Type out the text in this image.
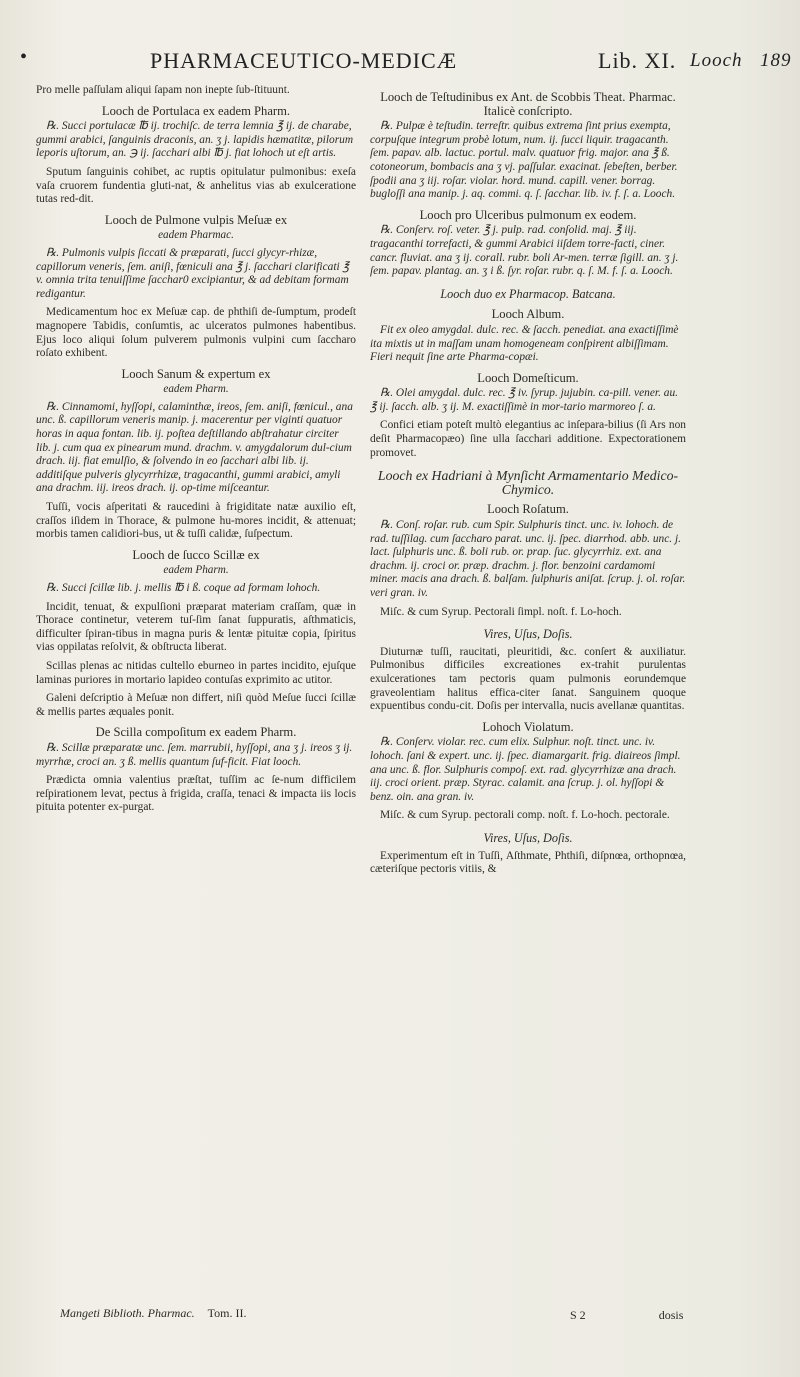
•	PHARMACEUTICO-MEDICÆ	Lib. XI. Looch 189
Pro melle paſſulam aliqui ſapam non inepte ſub-ſtituunt.
Looch de Portulaca ex eadem Pharm.
℞. Succi portulacæ ℔ ij. trochiſc. de terra lemnia ℥ ij. de charabe, gummi arabici, ſanguinis draconis, an. ʒ j. lapidis hæmatitæ, pilorum leporis uſtorum, an. ℈ ij. ſacchari albi ℔ j. fiat lohoch ut eſt artis.
Sputum ſanguinis cohibet, ac ruptis opitulatur pulmonibus: exeſa vaſa cruorem fundentia gluti-nat, & anhelitus vias ab exulceratione tutas red-dit.
Looch de Pulmone vulpis Meſuæ ex
eadem Pharmac.
℞. Pulmonis vulpis ſiccati & præparati, ſucci glycyr-rhizæ, capillorum veneris, ſem. aniſi, fœniculi ana ℥ j. ſacchari clarificati ℥ v. omnia trita tenuiſſime ſacchar0 excipiantur, & ad debitam formam redigantur.
Medicamentum hoc ex Meſuæ cap. de phthiſi de-ſumptum, prodeſt magnopere Tabidis, conſumtis, ac ulceratos pulmones habentibus. Ejus loco aliqui ſolum pulverem pulmonis vulpini cum ſaccharo roſato exhibent.
Looch Sanum & expertum ex
eadem Pharm.
℞. Cinnamomi, hyſſopi, calaminthæ, ireos, ſem. aniſi, fœnicul., ana unc. ß. capillorum veneris manip. j. macerentur per viginti quatuor horas in aqua fontan. lib. ij. poſtea deſtillando abſtrahatur circiter lib. j. cum qua ex pinearum mund. drachm. v. amygdalorum dul-cium drach. iij. fiat emulſio, & ſolvendo in eo ſacchari albi lib. ij. additiſque pulveris glycyrrhizæ, tragacanthi, gummi arabici, amyli ana drachm. iij. ireos drach. ij. op-time miſceantur.
Tuſſi, vocis aſperitati & raucedini à frigiditate natæ auxilio eſt, craſſos iſidem in Thorace, & pulmone hu-mores incidit, & attenuat; morbis tamen calidiori-bus, ut & tuſſi calidæ, ſuſpectum.
Looch de ſucco Scillæ ex
eadem Pharm.
℞. Succi ſcillæ lib. j. mellis ℔ i ß. coque ad formam lohoch.
Incidit, tenuat, & expulſioni præparat materiam craſſam, quæ in Thorace continetur, veterem tuſ-ſim ſanat ſuppuratis, aſthmaticis, difficulter ſpiran-tibus in magna puris & lentæ pituitæ copia, ſpiritus vias oppilatas reſolvit, & obſtructa liberat.
Scillas plenas ac nitidas cultello eburneo in partes incidito, ejuſque laminas puriores in mortario lapideo contuſas exprimito ac utitor.
Galeni deſcriptio à Meſuæ non differt, niſi quòd Meſue ſucci ſcillæ & mellis partes æquales ponit.
De Scilla compoſitum ex eadem Pharm.
℞. Scillæ præparatæ unc. ſem. marrubii, hyſſopi, ana ʒ j. ireos ʒ ij. myrrhæ, croci an. ʒ ß. mellis quantum ſuf-ficit. Fiat looch.
Prædicta omnia valentius præſtat, tuſſim ac ſe-num difficilem reſpirationem levat, pectus à frigida, craſſa, tenaci & impacta iis locis pituita potenter ex-purgat.
Looch de Teſtudinibus ex Ant. de Scobbis Theat. Pharmac. Italicè conſcripto.
℞. Pulpæ è teſtudin. terreſtr. quibus extrema ſint prius exempta, corpuſque integrum probè lotum, num. ij. ſucci liquir. tragacanth. ſem. papav. alb. lactuc. portul. malv. quatuor frig. major. ana ℥ ß. cotoneorum, bombacis ana ʒ vj. paſſular. exacinat. ſebeſten, berber. ſpodii ana ʒ iij. roſar. violar. hord. mund. capill. vener. borrag. bugloſſi ana manip. j. aq. commi. q. ſ. ſacchar. lib. iv. f. ſ. a. Looch.
Looch pro Ulceribus pulmonum ex eodem.
℞. Conſerv. roſ. veter. ℥ j. pulp. rad. conſolid. maj. ℥ iij. tragacanthi torrefacti, & gummi Arabici iiſdem torre-facti, ciner. cancr. fluviat. ana ʒ ij. corall. rubr. boli Ar-men. terræ ſigill. an. ʒ j. ſem. papav. plantag. an. ʒ i ß. ſyr. roſar. rubr. q. ſ. M. f. ſ. a. Looch.
Looch duo ex Pharmacop. Batcana.
Looch Album.
Fit ex oleo amygdal. dulc. rec. & ſacch. penediat. ana exactiſſimè ita mixtis ut in maſſam unam homogeneam conſpirent albiſſimam. Fieri nequit ſine arte Pharma-copæi.
Looch Domeſticum.
℞. Olei amygdal. dulc. rec. ℥ iv. ſyrup. jujubin. ca-pill. vener. au. ℥ ij. ſacch. alb. ʒ ij. M. exactiſſimè in mor-tario marmoreo ſ. a.
Confici etiam poteſt multò elegantius ac inſepara-bilius (ſi Ars non deſit Pharmacopæo) ſine ulla ſacchari additione. Expectorationem promovet.
Looch ex Hadriani à Mynſicht Armamentario Medico-Chymico.
Looch Roſatum.
℞. Conſ. roſar. rub. cum Spir. Sulphuris tinct. unc. iv. lohoch. de rad. tuſſilag. cum ſaccharo parat. unc. ij. ſpec. diarrhod. abb. unc. j. lact. ſulphuris unc. ß. boli rub. or. prap. ſuc. glycyrrhiz. ext. ana drachm. ij. croci or. præp. drachm. j. flor. benzoini cardamomi miner. macis ana drach. ß. balſam. ſulphuris aniſat. ſcrup. j. ol. roſar. veri gran. iv.
Miſc. & cum Syrup. Pectorali ſimpl. noſt. f. Lo-hoch.
Vires, Uſus, Doſis.
Diuturnæ tuſſi, raucitati, pleuritidi, &c. conſert & auxiliatur. Pulmonibus difficiles excreationes ex-trahit purulentas exulcerationes tam pectoris quam pulmonis eorundemque graveolentiam halitus effica-citer ſanat. Sanguinem quoque expuentibus condu-cit. Doſis per intervalla, nucis avellanæ quantitas.
Lohoch Violatum.
℞. Conſerv. violar. rec. cum elix. Sulphur. noſt. tinct. unc. iv. lohoch. ſani & expert. unc. ij. ſpec. diamargarit. frig. diaireos ſimpl. ana unc. ß. flor. Sulphuris compoſ. ext. rad. glycyrrhizæ ana drach. iij. croci orient. præp. Styrac. calamit. ana ſcrup. j. ol. hyſſopi & benz. oin. ana gran. iv.
Miſc. & cum Syrup. pectorali comp. noſt. f. Lo-hoch. pectorale.
Vires, Uſus, Doſis.
Experimentum eſt in Tuſſi, Aſthmate, Phthiſi, diſpnœa, orthopnœa, cæteriſque pectoris vitiis, &
Mangeti Biblioth. Pharmac. Tom. II.	S 2	dosis
